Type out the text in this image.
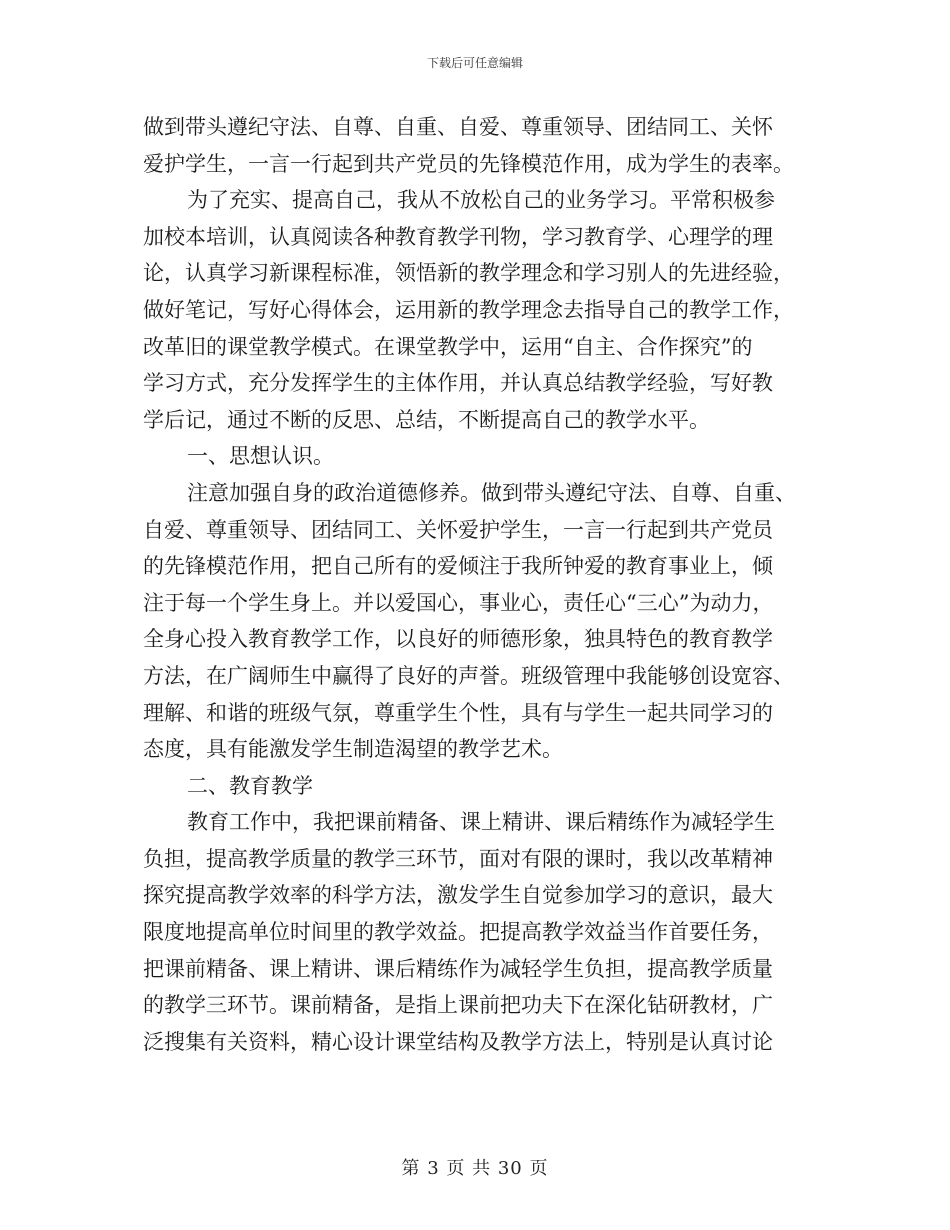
下载后可任意编辑
做到带头遵纪守法、自尊、自重、自爱、尊重领导、团结同工、关怀
爱护学生，一言一行起到共产党员的先锋模范作用，成为学生的表率。
为了充实、提高自己，我从不放松自己的业务学习。平常积极参
加校本培训，认真阅读各种教育教学刊物，学习教育学、心理学的理
论，认真学习新课程标准，领悟新的教学理念和学习别人的先进经验，
做好笔记，写好心得体会，运用新的教学理念去指导自己的教学工作，
改革旧的课堂教学模式。在课堂教学中，运用“自主、合作探究”的
学习方式，充分发挥学生的主体作用，并认真总结教学经验，写好教
学后记，通过不断的反思、总结，不断提高自己的教学水平。
一、思想认识。
注意加强自身的政治道德修养。做到带头遵纪守法、自尊、自重、
自爱、尊重领导、团结同工、关怀爱护学生，一言一行起到共产党员
的先锋模范作用，把自己所有的爱倾注于我所钟爱的教育事业上，倾
注于每一个学生身上。并以爱国心，事业心，责任心“三心”为动力，
全身心投入教育教学工作，以良好的师德形象，独具特色的教育教学
方法，在广阔师生中赢得了良好的声誉。班级管理中我能够创设宽容、
理解、和谐的班级气氛，尊重学生个性，具有与学生一起共同学习的
态度，具有能激发学生制造渴望的教学艺术。
二、教育教学
教育工作中，我把课前精备、课上精讲、课后精练作为减轻学生
负担，提高教学质量的教学三环节，面对有限的课时，我以改革精神
探究提高教学效率的科学方法，激发学生自觉参加学习的意识，最大
限度地提高单位时间里的教学效益。把提高教学效益当作首要任务，
把课前精备、课上精讲、课后精练作为减轻学生负担，提高教学质量
的教学三环节。课前精备，是指上课前把功夫下在深化钻研教材，广
泛搜集有关资料，精心设计课堂结构及教学方法上，特别是认真讨论
第 3 页 共 30 页
